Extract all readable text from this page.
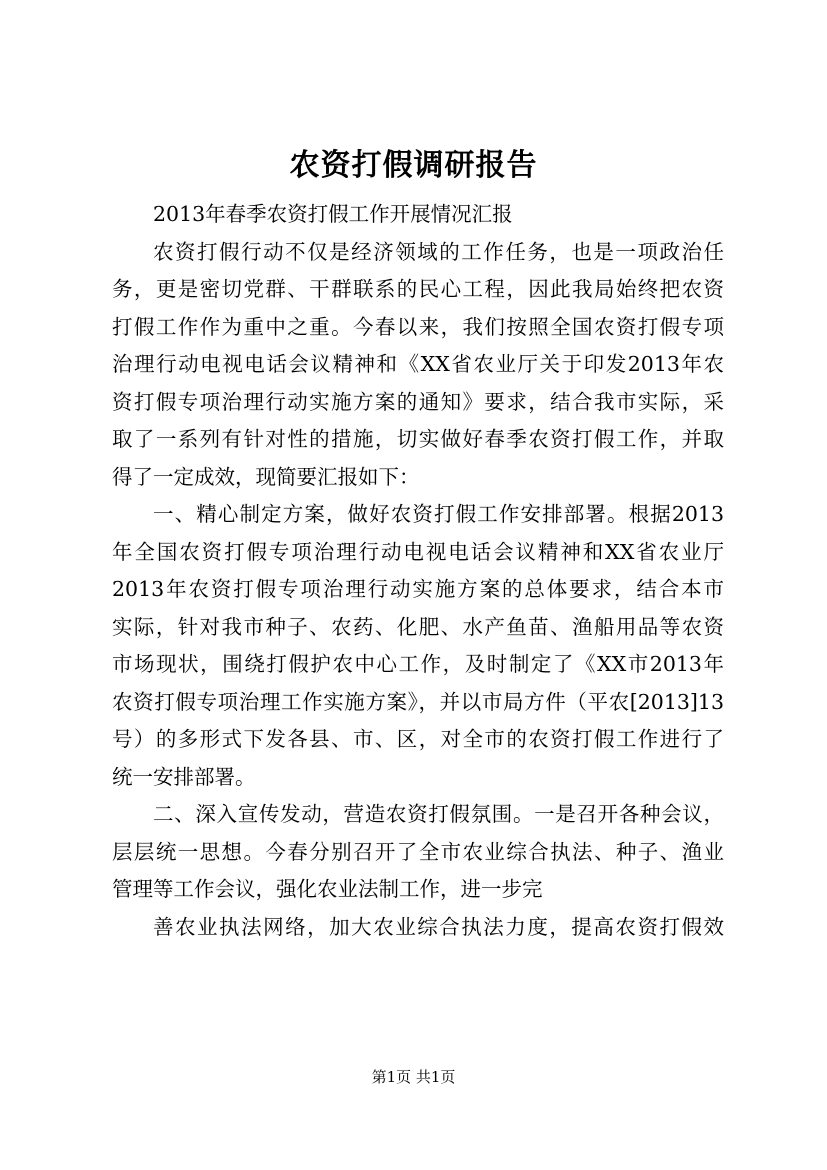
农资打假调研报告
2013年春季农资打假工作开展情况汇报
农资打假行动不仅是经济领域的工作任务，也是一项政治任
务，更是密切党群、干群联系的民心工程，因此我局始终把农资
打假工作作为重中之重。今春以来，我们按照全国农资打假专项
治理行动电视电话会议精神和《XX省农业厅关于印发2013年农
资打假专项治理行动实施方案的通知》要求，结合我市实际，采
取了一系列有针对性的措施，切实做好春季农资打假工作，并取
得了一定成效，现简要汇报如下：
一、精心制定方案，做好农资打假工作安排部署。根据2013
年全国农资打假专项治理行动电视电话会议精神和XX省农业厅
2013年农资打假专项治理行动实施方案的总体要求，结合本市
实际，针对我市种子、农药、化肥、水产鱼苗、渔船用品等农资
市场现状，围绕打假护农中心工作，及时制定了《XX市2013年
农资打假专项治理工作实施方案》，并以市局方件（平农[2013]13
号）的多形式下发各县、市、区，对全市的农资打假工作进行了
统一安排部署。
二、深入宣传发动，营造农资打假氛围。一是召开各种会议，
层层统一思想。今春分别召开了全市农业综合执法、种子、渔业
管理等工作会议，强化农业法制工作，进一步完
善农业执法网络，加大农业综合执法力度，提高农资打假效

第1页 共1页
